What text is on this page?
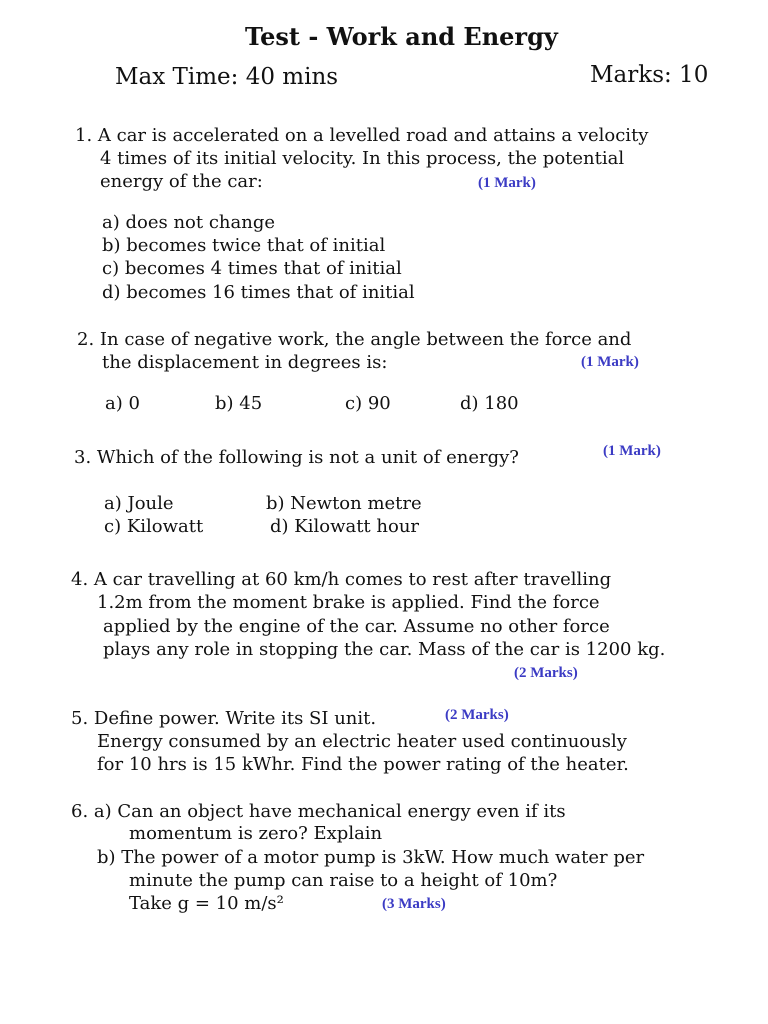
Test - Work and Energy
Max Time: 40 mins	Marks: 10
1. A car is accelerated on a levelled road and attains a velocity
4 times of its initial velocity. In this process, the potential
energy of the car:	(1 Mark)
a) does not change
b) becomes twice that of initial
c) becomes 4 times that of initial
d) becomes 16 times that of initial
2. In case of negative work, the angle between the force and
the displacement in degrees is:	(1 Mark)
a) 0	b) 45	c) 90	d) 180
3. Which of the following is not a unit of energy?	(1 Mark)
a) Joule	b) Newton metre
c) Kilowatt	d) Kilowatt hour
4. A car travelling at 60 km/h comes to rest after travelling
1.2m from the moment brake is applied. Find the force
applied by the engine of the car. Assume no other force
plays any role in stopping the car. Mass of the car is 1200 kg.
(2 Marks)
5. Define power. Write its SI unit.	(2 Marks)
Energy consumed by an electric heater used continuously
for 10 hrs is 15 kWhr. Find the power rating of the heater.
6. a) Can an object have mechanical energy even if its
momentum is zero? Explain
b) The power of a motor pump is 3kW. How much water per
minute the pump can raise to a height of 10m?
Take g = 10 m/s²	(3 Marks)
